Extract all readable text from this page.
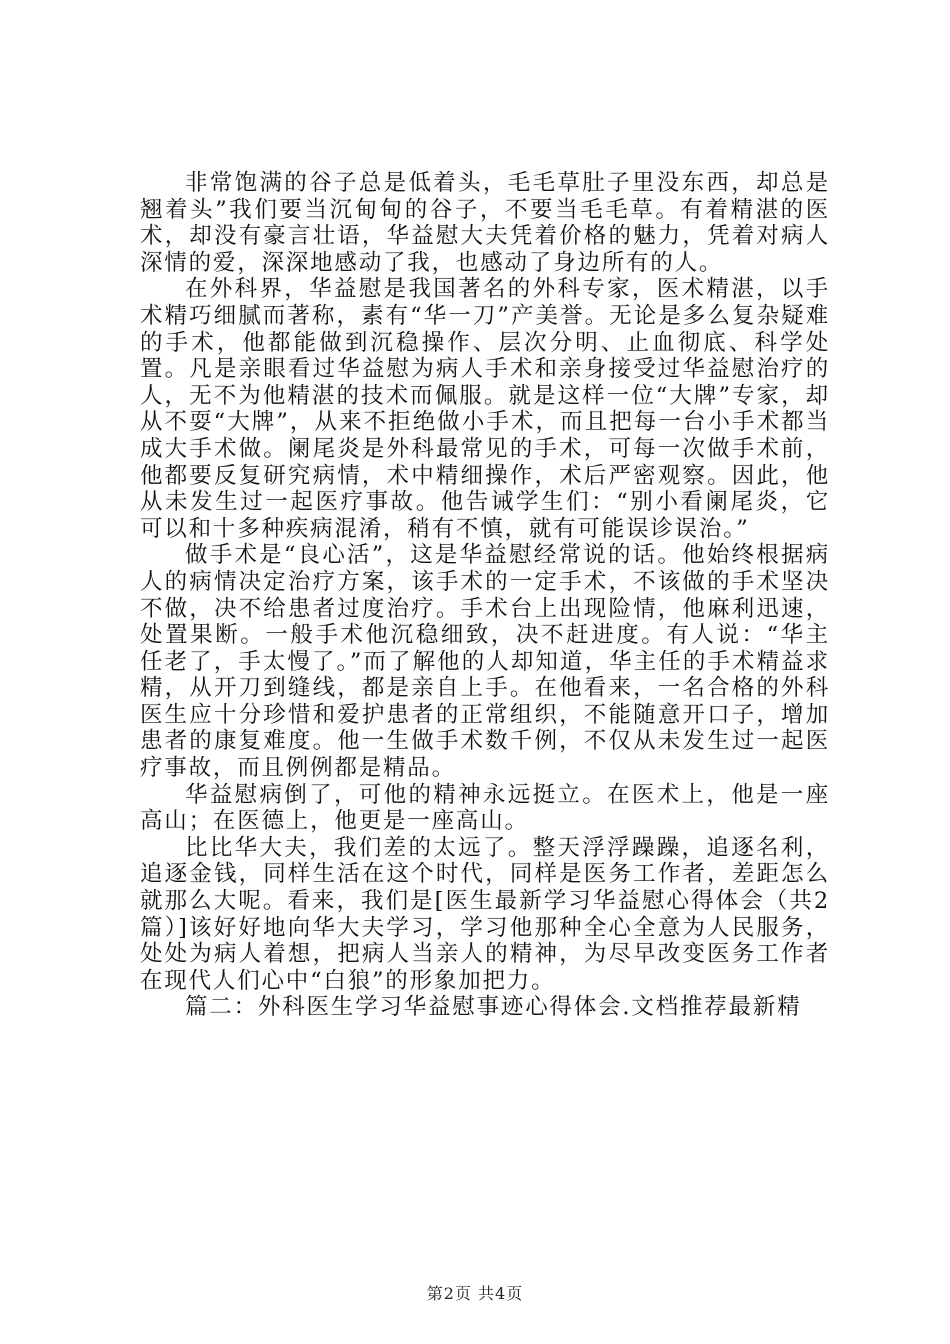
非常饱满的谷子总是低着头，毛毛草肚子里没东西，却总是翘着头”我们要当沉甸甸的谷子，不要当毛毛草。有着精湛的医术，却没有豪言壮语，华益慰大夫凭着价格的魅力，凭着对病人深情的爱，深深地感动了我，也感动了身边所有的人。

在外科界，华益慰是我国著名的外科专家，医术精湛，以手术精巧细腻而著称，素有“华一刀”产美誉。无论是多么复杂疑难的手术，他都能做到沉稳操作、层次分明、止血彻底、科学处置。凡是亲眼看过华益慰为病人手术和亲身接受过华益慰治疗的人，无不为他精湛的技术而佩服。就是这样一位“大牌”专家，却从不耍“大牌”，从来不拒绝做小手术，而且把每一台小手术都当成大手术做。阑尾炎是外科最常见的手术，可每一次做手术前，他都要反复研究病情，术中精细操作，术后严密观察。因此，他从未发生过一起医疗事故。他告诫学生们：“别小看阑尾炎，它可以和十多种疾病混淆，稍有不慎，就有可能误诊误治。”

做手术是“良心活”，这是华益慰经常说的话。他始终根据病人的病情决定治疗方案，该手术的一定手术，不该做的手术坚决不做，决不给患者过度治疗。手术台上出现险情，他麻利迅速，处置果断。一般手术他沉稳细致，决不赶进度。有人说：“华主任老了，手太慢了。”而了解他的人却知道，华主任的手术精益求精，从开刀到缝线，都是亲自上手。在他看来，一名合格的外科医生应十分珍惜和爱护患者的正常组织，不能随意开口子，增加患者的康复难度。他一生做手术数千例，不仅从未发生过一起医疗事故，而且例例都是精品。

华益慰病倒了，可他的精神永远挺立。在医术上，他是一座高山；在医德上，他更是一座高山。

比比华大夫，我们差的太远了。整天浮浮躁躁，追逐名利，追逐金钱，同样生活在这个时代，同样是医务工作者，差距怎么就那么大呢。看来，我们是[医生最新学习华益慰心得体会（共2篇）]该好好地向华大夫学习，学习他那种全心全意为人民服务，处处为病人着想，把病人当亲人的精神，为尽早改变医务工作者在现代人们心中“白狼”的形象加把力。

篇二：外科医生学习华益慰事迹心得体会.文档推荐最新精

第2页 共4页
